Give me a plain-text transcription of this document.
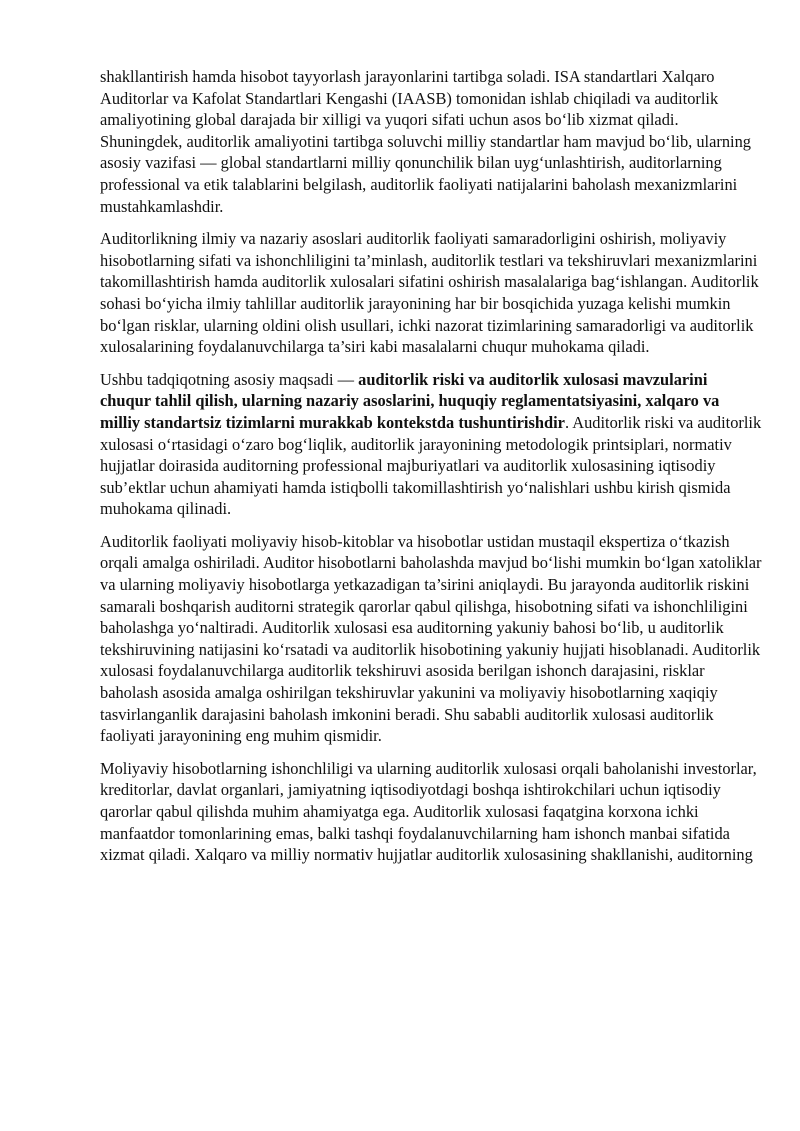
shakllantirish hamda hisobot tayyorlash jarayonlarini tartibga soladi. ISA standartlari Xalqaro Auditorlar va Kafolat Standartlari Kengashi (IAASB) tomonidan ishlab chiqiladi va auditorlik amaliyotining global darajada bir xilligi va yuqori sifati uchun asos bo‘lib xizmat qiladi. Shuningdek, auditorlik amaliyotini tartibga soluvchi milliy standartlar ham mavjud bo‘lib, ularning asosiy vazifasi — global standartlarni milliy qonunchilik bilan uyg‘unlashtirish, auditorlarning professional va etik talablarini belgilash, auditorlik faoliyati natijalarini baholash mexanizmlarini mustahkamlashdir.

Auditorlikning ilmiy va nazariy asoslari auditorlik faoliyati samaradorligini oshirish, moliyaviy hisobotlarning sifati va ishonchliligini ta’minlash, auditorlik testlari va tekshiruvlari mexanizmlarini takomillashtirish hamda auditorlik xulosalari sifatini oshirish masalalariga bag‘ishlangan. Auditorlik sohasi bo‘yicha ilmiy tahlillar auditorlik jarayonining har bir bosqichida yuzaga kelishi mumkin bo‘lgan risklar, ularning oldini olish usullari, ichki nazorat tizimlarining samaradorligi va auditorlik xulosalarining foydalanuvchilarga ta’siri kabi masalalarni chuqur muhokama qiladi.

Ushbu tadqiqotning asosiy maqsadi — auditorlik riski va auditorlik xulosasi mavzularini chuqur tahlil qilish, ularning nazariy asoslarini, huquqiy reglamentatsiyasini, xalqaro va milliy standartsiz tizimlarni murakkab kontekstda tushuntirishdir. Auditorlik riski va auditorlik xulosasi o‘rtasidagi o‘zaro bog‘liqlik, auditorlik jarayonining metodologik printsiplari, normativ hujjatlar doirasida auditorning professional majburiyatlari va auditorlik xulosasining iqtisodiy sub’ektlar uchun ahamiyati hamda istiqbolli takomillashtirish yo‘nalishlari ushbu kirish qismida muhokama qilinadi.

Auditorlik faoliyati moliyaviy hisob-kitoblar va hisobotlar ustidan mustaqil ekspertiza o‘tkazish orqali amalga oshiriladi. Auditor hisobotlarni baholashda mavjud bo‘lishi mumkin bo‘lgan xatoliklar va ularning moliyaviy hisobotlarga yetkazadigan ta’sirini aniqlaydi. Bu jarayonda auditorlik riskini samarali boshqarish auditorni strategik qarorlar qabul qilishga, hisobotning sifati va ishonchliligini baholashga yo‘naltiradi. Auditorlik xulosasi esa auditorning yakuniy bahosi bo‘lib, u auditorlik tekshiruvining natijasini ko‘rsatadi va auditorlik hisobotining yakuniy hujjati hisoblanadi. Auditorlik xulosasi foydalanuvchilarga auditorlik tekshiruvi asosida berilgan ishonch darajasini, risklar baholash asosida amalga oshirilgan tekshiruvlar yakunini va moliyaviy hisobotlarning xaqiqiy tasvirlanganlik darajasini baholash imkonini beradi. Shu sababli auditorlik xulosasi auditorlik faoliyati jarayonining eng muhim qismidir.

Moliyaviy hisobotlarning ishonchliligi va ularning auditorlik xulosasi orqali baholanishi investorlar, kreditorlar, davlat organlari, jamiyatning iqtisodiyotdagi boshqa ishtirokchilari uchun iqtisodiy qarorlar qabul qilishda muhim ahamiyatga ega. Auditorlik xulosasi faqatgina korxona ichki manfaatdor tomonlarining emas, balki tashqi foydalanuvchilarning ham ishonch manbai sifatida xizmat qiladi. Xalqaro va milliy normativ hujjatlar auditorlik xulosasining shakllanishi, auditorning
